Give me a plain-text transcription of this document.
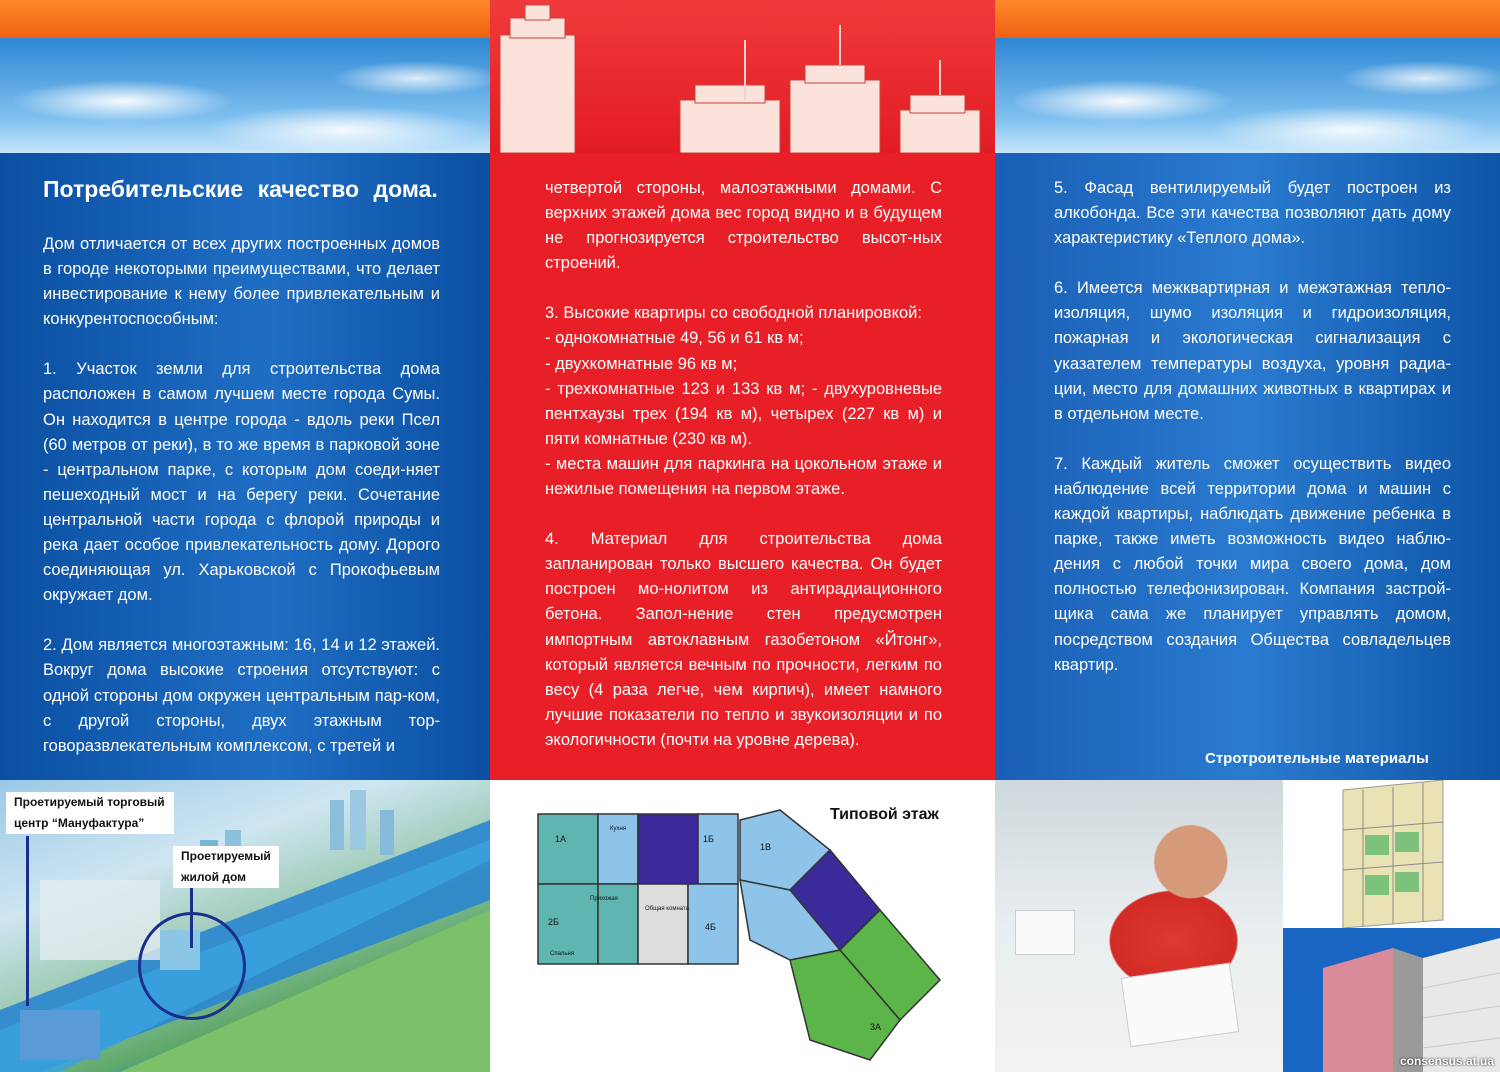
Потребительские качество дома.

Дом отличается от всех других построенных домов в городе некоторыми преимуществами, что делает инвестирование к нему более привлекательным и конкурентоспособным:

1. Участок земли для строительства дома расположен в самом лучшем месте города Сумы. Он находится в центре города - вдоль реки Псел (60 метров от реки), в то же время в парковой зоне - центральном парке, с которым дом соеди-няет пешеходный мост и на берегу реки. Сочетание центральной части города с флорой природы и река дает особое привлекательность дому. Дорого соединяющая ул. Харьковской с Прокофьевым окружает дом.

2. Дом является многоэтажным: 16, 14 и 12 этажей. Вокруг дома высокие строения отсутствуют: с одной стороны дом окружен центральным пар-ком, с другой стороны, двух этажным тор-говоразвлекательным комплексом, с третей и

Проетируемый торговый центр “Мануфактура”
Проетируемый жилой дом

четвертой стороны, малоэтажными домами. С верхних этажей дома вес город видно и в будущем не прогнозируется строительство высот-ных строений.

3. Высокие квартиры со свободной планировкой:
- однокомнатные 49, 56 и 61 кв м;
- двухкомнатные 96 кв м;
- трехкомнатные 123 и 133 кв м; - двухуровневые пентхаузы трех (194 кв м), четырех (227 кв м) и пяти комнатные (230 кв м).
- места машин для паркинга на цокольном этаже и нежилые помещения на первом этаже.

4. Материал для строительства дома запланирован только высшего качества. Он будет построен мо-нолитом из антирадиационного бетона. Запол-нение стен предусмотрен импортным автоклавным газобетоном «Йтонг», который является вечным по прочности, легким по весу (4 раза легче, чем кирпич), имеет намного лучшие показатели по тепло и звукоизоляции и по экологичности (почти на уровне дерева).

Типовой этаж
1А	1Б
1В
2Б
3А
4Б
Кухня
Общая комната
Спальня
Прихожая

5. Фасад вентилируемый будет построен из алкобонда. Все эти качества позволяют дать дому характеристику «Теплого дома».

6. Имеется межквартирная и межэтажная тепло-изоляция, шумо изоляция и гидроизоляция, пожарная и экологическая сигнализация с указателем температуры воздуха, уровня радиа-ции, место для домашних животных в квартирах и в отдельном месте.

7. Каждый житель сможет осуществить видео наблюдение всей территории дома и машин с каждой квартиры, наблюдать движение ребенка в парке, также иметь возможность видео наблю-дения с любой точки мира своего дома, дом полностью телефонизирован. Компания застрой-щика сама же планирует управлять домом, посредством создания Общества совладельцев квартир.

Стротроительные материалы
consensus.at.ua
